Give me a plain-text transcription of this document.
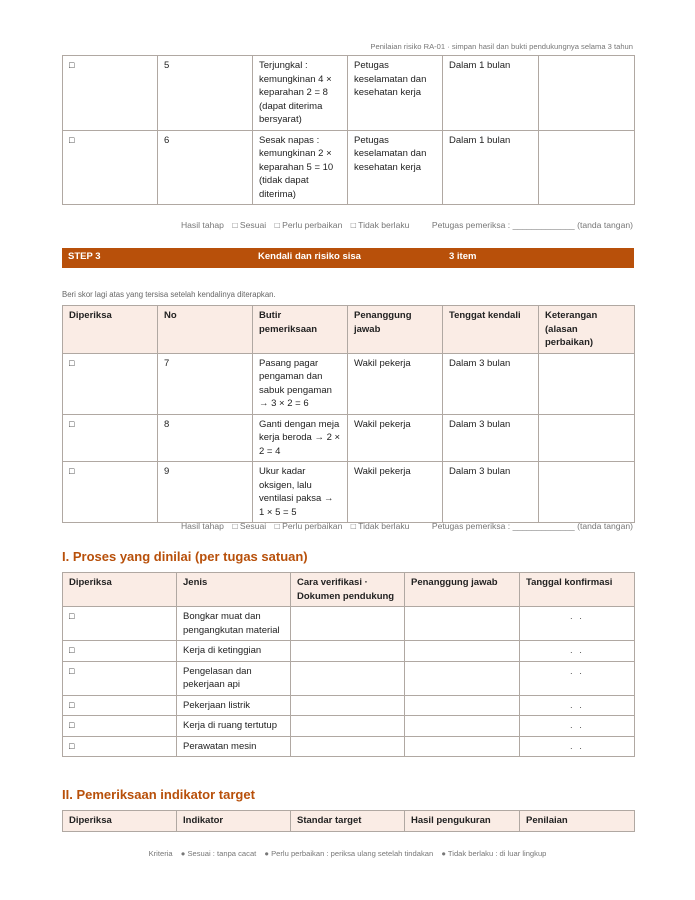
Penilaian risiko RA-01 · simpan hasil dan bukti pendukungnya selama 3 tahun
□	5	Terjungkal : kemungkinan 4 × keparahan 2 = 8 (dapat diterima bersyarat)	Petugas keselamatan dan kesehatan kerja	Dalam 1 bulan	
□	6	Sesak napas : kemungkinan 2 × keparahan 5 = 10 (tidak dapat diterima)	Petugas keselamatan dan kesehatan kerja	Dalam 1 bulan	
Hasil tahap □ Sesuai □ Perlu perbaikan □ Tidak berlaku	Petugas pemeriksa : _____________ (tanda tangan)
STEP 3	Kendali dan risiko sisa	3 item
Beri skor lagi atas yang tersisa setelah kendalinya diterapkan.
Diperiksa	No	Butir pemeriksaan	Penanggung jawab	Tenggat kendali	Keterangan (alasan perbaikan)
□	7	Pasang pagar pengaman dan sabuk pengaman → 3 × 2 = 6	Wakil pekerja	Dalam 3 bulan	
□	8	Ganti dengan meja kerja beroda → 2 × 2 = 4	Wakil pekerja	Dalam 3 bulan	
□	9	Ukur kadar oksigen, lalu ventilasi paksa → 1 × 5 = 5	Wakil pekerja	Dalam 3 bulan	
Hasil tahap □ Sesuai □ Perlu perbaikan □ Tidak berlaku	Petugas pemeriksa : _____________ (tanda tangan)
I. Proses yang dinilai (per tugas satuan)
Diperiksa	Jenis	Cara verifikasi · Dokumen pendukung	Penanggung jawab	Tanggal konfirmasi
□	Bongkar muat dan pengangkutan material			. .
□	Kerja di ketinggian			. .
□	Pengelasan dan pekerjaan api			. .
□	Pekerjaan listrik			. .
□	Kerja di ruang tertutup			. .
□	Perawatan mesin			. .
II. Pemeriksaan indikator target
Diperiksa	Indikator	Standar target	Hasil pengukuran	Penilaian
Kriteria ● Sesuai : tanpa cacat ● Perlu perbaikan : periksa ulang setelah tindakan ● Tidak berlaku : di luar lingkup
